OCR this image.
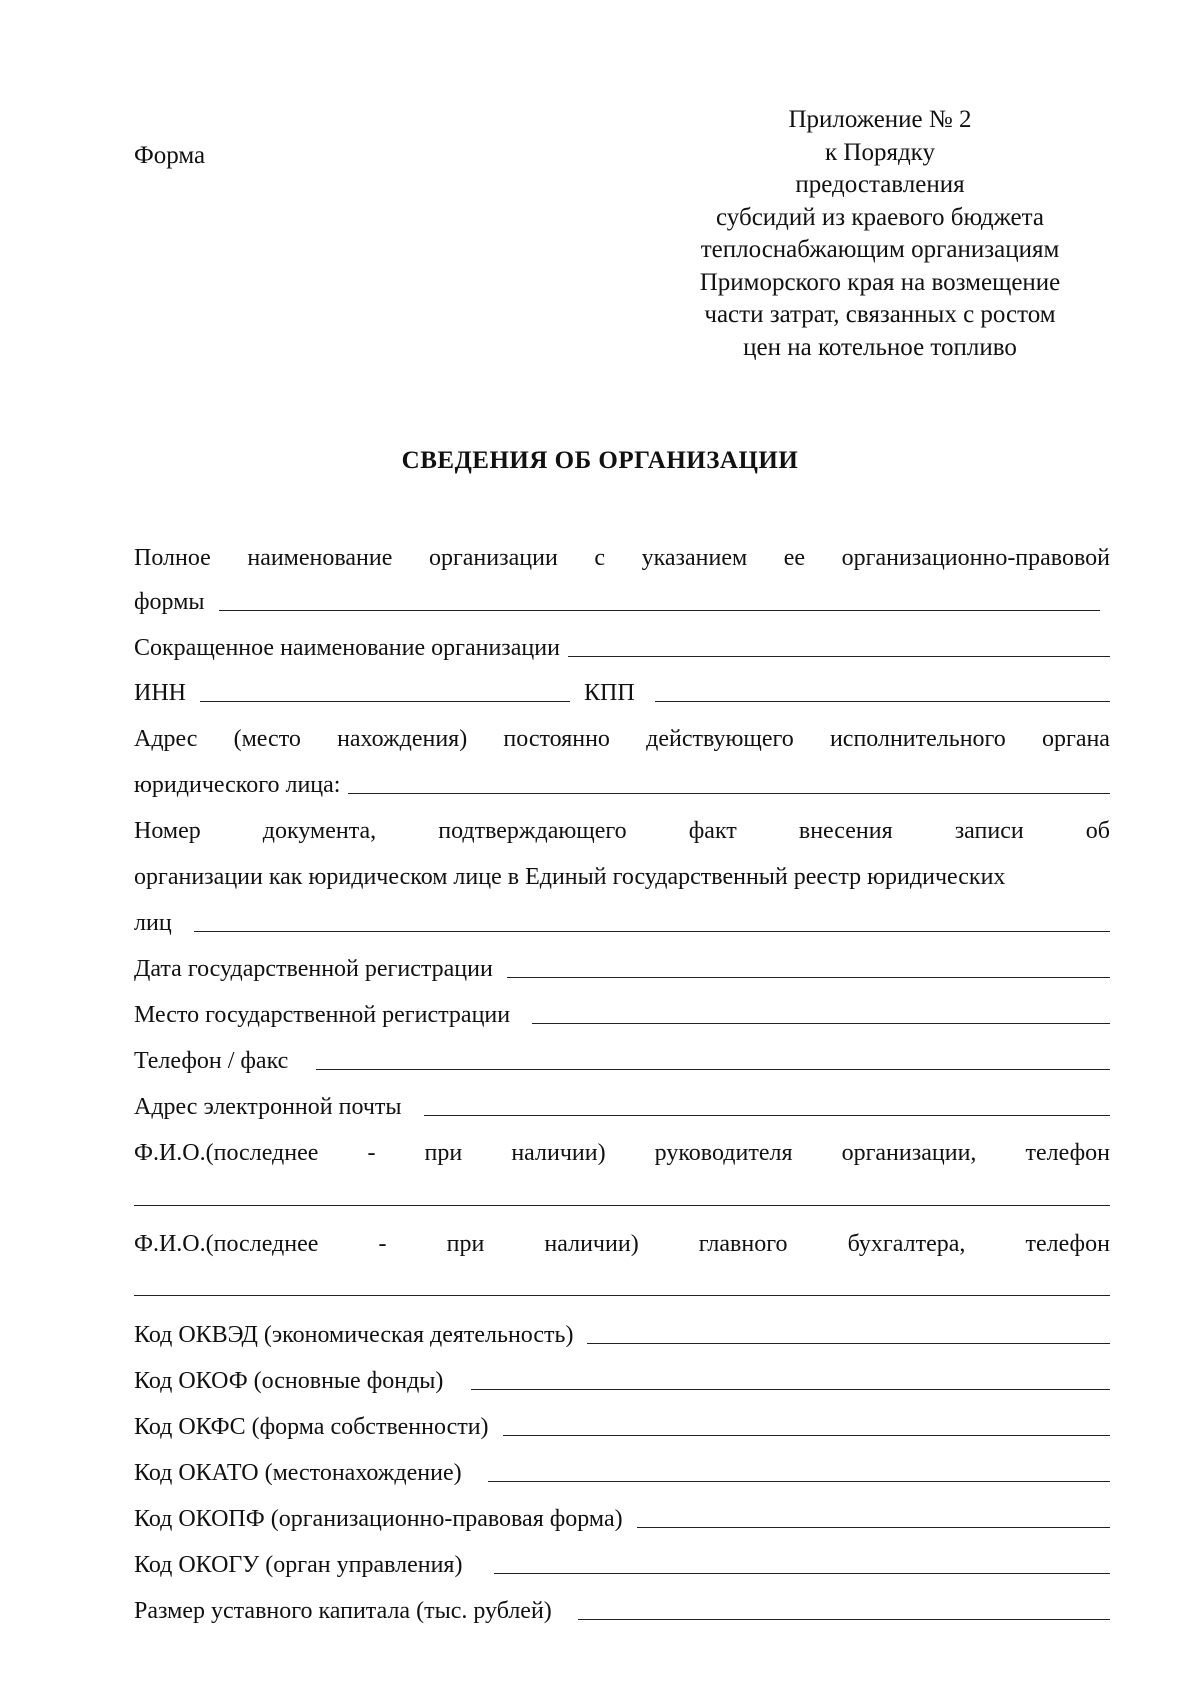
Форма
Приложение № 2
к Порядку
предоставления
субсидий из краевого бюджета
теплоснабжающим организациям
Приморского края на возмещение
части затрат, связанных с ростом
цен на котельное топливо
СВЕДЕНИЯ ОБ ОРГАНИЗАЦИИ
Полное наименование организации с указанием ее организационно-правовой
формы
Сокращенное наименование организации
ИНН	КПП
Адрес (место нахождения) постоянно действующего исполнительного органа
юридического лица:
Номер	документа,	подтверждающего	факт	внесения	записи	об
организации как юридическом лице в Единый государственный реестр юридических
лиц
Дата государственной регистрации
Место государственной регистрации
Телефон / факс
Адрес электронной почты
Ф.И.О.(последнее - при наличии) руководителя организации, телефон
Ф.И.О.(последнее	-	при	наличии)	главного	бухгалтера,	телефон
Код ОКВЭД (экономическая деятельность)
Код ОКОФ (основные фонды)
Код ОКФС (форма собственности)
Код ОКАТО (местонахождение)
Код ОКОПФ (организационно-правовая форма)
Код ОКОГУ (орган управления)
Размер уставного капитала (тыс. рублей)
